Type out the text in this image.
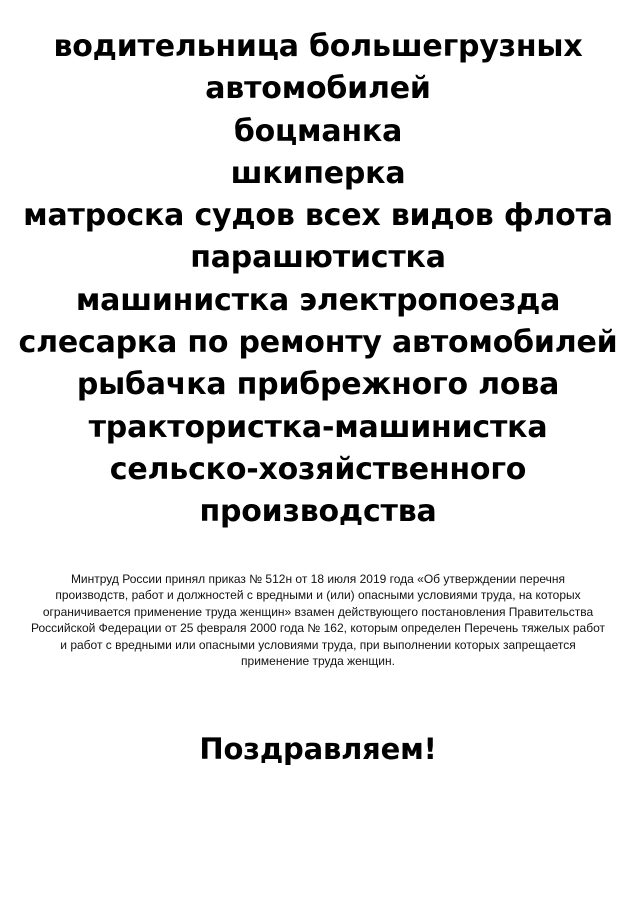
водительница большегрузных
автомобилей
боцманка
шкиперка
матроска судов всех видов флота
парашютистка
машинистка электропоезда
слесарка по ремонту автомобилей
рыбачка прибрежного лова
трактористка-машинистка
сельско-хозяйственного
производства

Минтруд России принял приказ № 512н от 18 июля 2019 года «Об утверждении перечня
производств, работ и должностей с вредными и (или) опасными условиями труда, на которых
ограничивается применение труда женщин» взамен действующего постановления Правительства
Российской Федерации от 25 февраля 2000 года № 162, которым определен Перечень тяжелых работ
и работ с вредными или опасными условиями труда, при выполнении которых запрещается
применение труда женщин.

Поздравляем!
